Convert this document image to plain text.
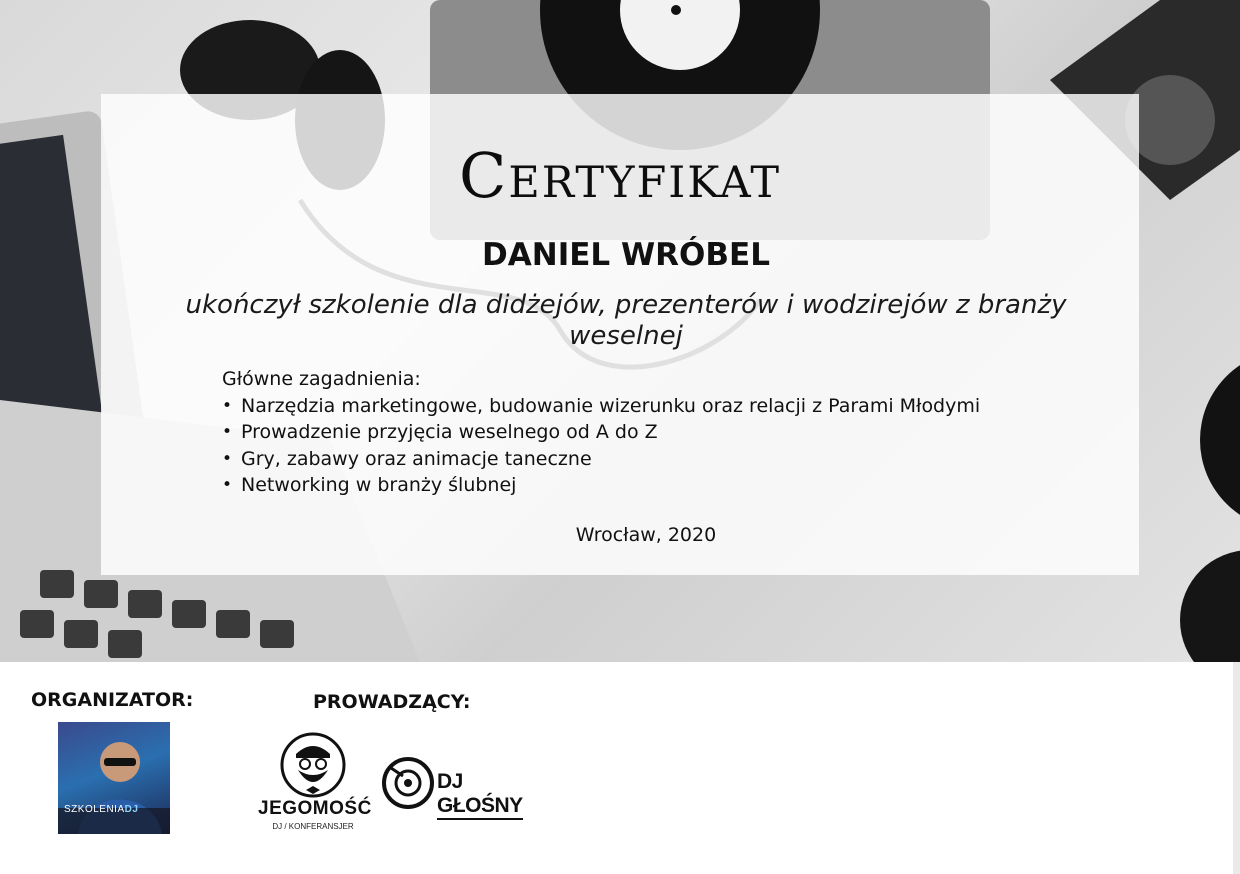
Certyfikat
DANIEL WRÓBEL
ukończył szkolenie dla didżejów, prezenterów i wodzirejów z branży weselnej
Główne zagadnienia:
• Narzędzia marketingowe, budowanie wizerunku oraz relacji z Parami Młodymi
• Prowadzenie przyjęcia weselnego od A do Z
• Gry, zabawy oraz animacje taneczne
• Networking w branży ślubnej
Wrocław, 2020
ORGANIZATOR:	PROWADZĄCY:
SZKOLENIADJ	JEGOMOŚĆ
DJ / KONFERANSJER
DJ GŁOŚNY
